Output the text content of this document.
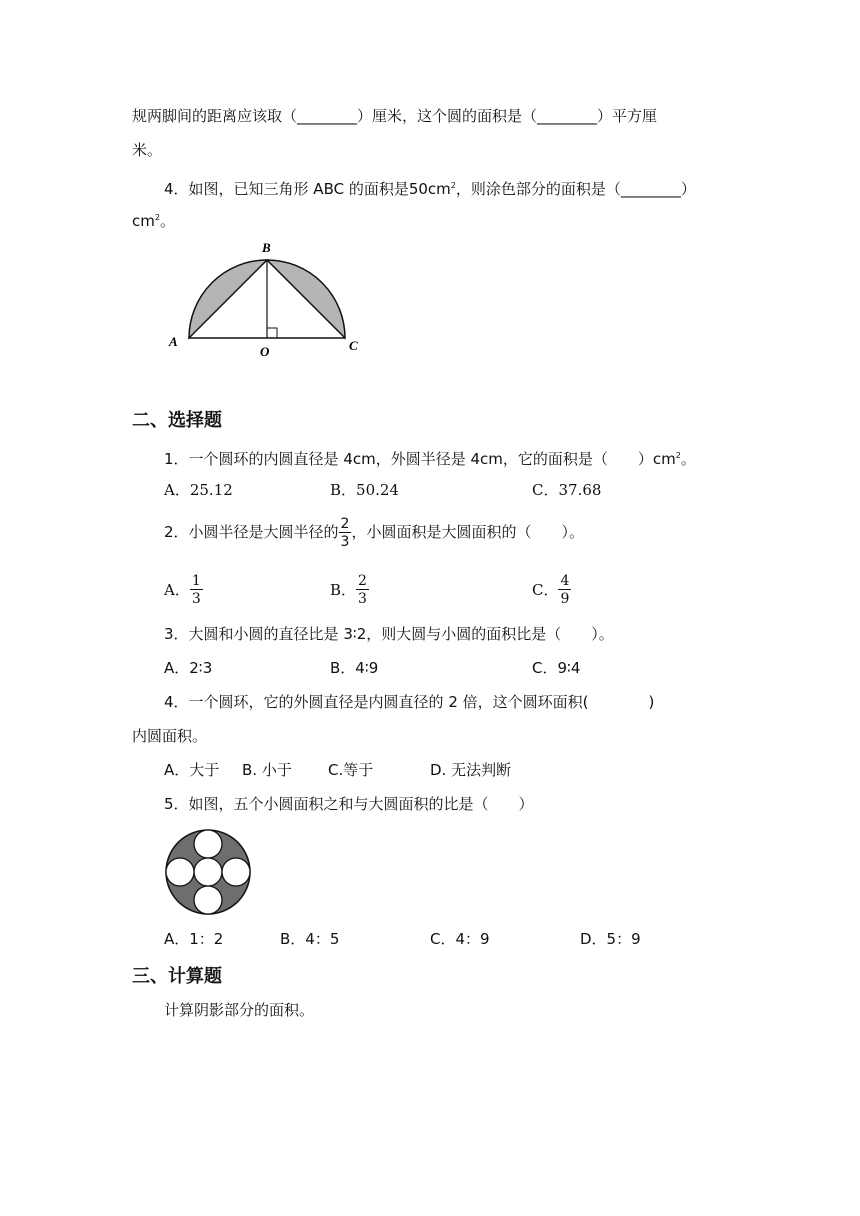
规两脚间的距离应该取（________）厘米，这个圆的面积是（________）平方厘
米。
4．如图，已知三角形 ABC 的面积是$50cm^2$，则涂色部分的面积是（________）
$cm^2$。
A
B
C
O
二、选择题
1．一个圆环的内圆直径是 4cm，外圆半径是 4cm，它的面积是（　　）$cm^2$。
A．25.12	B．50.24	C．37.68
2．小圆半径是大圆半径的 $\frac{2}{3}$ ，小圆面积是大圆面积的（　　）。
A． $\frac{1}{3}$	B． $\frac{2}{3}$	C． $\frac{4}{9}$
3．大圆和小圆的直径比是 3∶2，则大圆与小圆的面积比是（　　）。
A．2∶3	B．4∶9	C．9∶4
4．一个圆环，它的外圆直径是内圆直径的 2 倍，这个圆环面积(　　　　)
内圆面积。
A．大于 B. 小于 C.等于	D. 无法判断
5．如图，五个小圆面积之和与大圆面积的比是（　　）
A．1：2	B．4：5	C．4：9	D．5：9
三、计算题
计算阴影部分的面积。
